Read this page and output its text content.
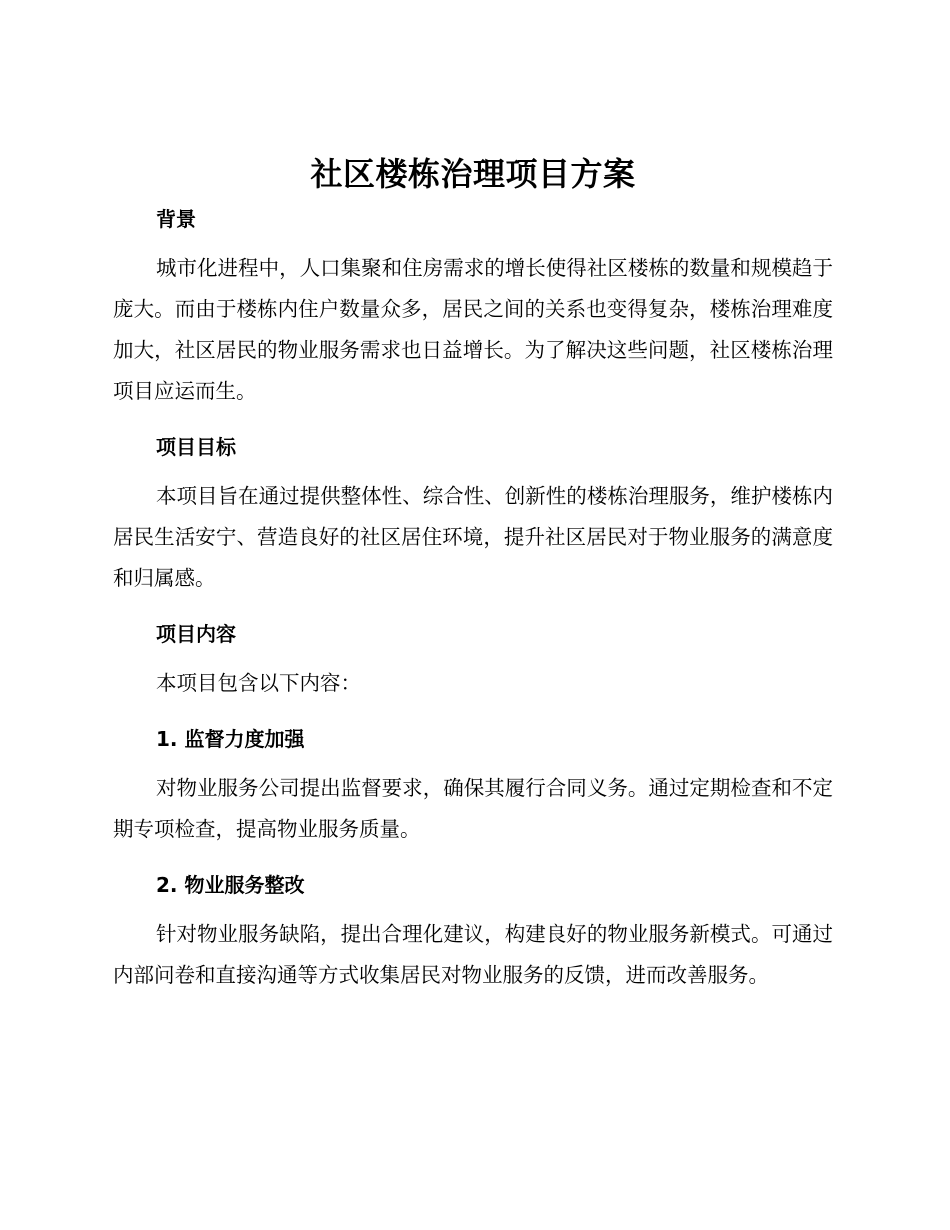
社区楼栋治理项目方案
背景

城市化进程中，人口集聚和住房需求的增长使得社区楼栋的数量和规模趋于庞大。而由于楼栋内住户数量众多，居民之间的关系也变得复杂，楼栋治理难度加大，社区居民的物业服务需求也日益增长。为了解决这些问题，社区楼栋治理项目应运而生。

项目目标

本项目旨在通过提供整体性、综合性、创新性的楼栋治理服务，维护楼栋内居民生活安宁、营造良好的社区居住环境，提升社区居民对于物业服务的满意度和归属感。

项目内容

本项目包含以下内容：

1. 监督力度加强

对物业服务公司提出监督要求，确保其履行合同义务。通过定期检查和不定期专项检查，提高物业服务质量。

2. 物业服务整改

针对物业服务缺陷，提出合理化建议，构建良好的物业服务新模式。可通过内部问卷和直接沟通等方式收集居民对物业服务的反馈，进而改善服务。
